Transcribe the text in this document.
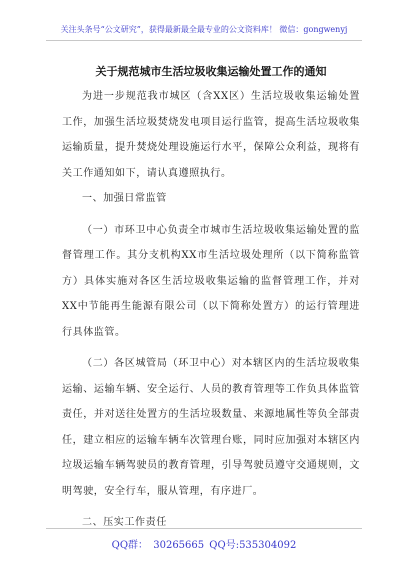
关注头条号“公文研究”，获得最新最全最专业的公文资料库！ 微信：gongwenyj

关于规范城市生活垃圾收集运输处置工作的通知

为进一步规范我市城区（含XX区）生活垃圾收集运输处置工作，加强生活垃圾焚烧发电项目运行监管，提高生活垃圾收集运输质量，提升焚烧处理设施运行水平，保障公众利益，现将有关工作通知如下，请认真遵照执行。

一、加强日常监管

（一）市环卫中心负责全市城市生活垃圾收集运输处置的监督管理工作。其分支机构XX市生活垃圾处理所（以下简称监管方）具体实施对各区生活垃圾收集运输的监督管理工作，并对XX中节能再生能源有限公司（以下简称处置方）的运行管理进行具体监管。

（二）各区城管局（环卫中心）对本辖区内的生活垃圾收集运输、运输车辆、安全运行、人员的教育管理等工作负具体监管责任，并对送往处置方的生活垃圾数量、来源地属性等负全部责任，建立相应的运输车辆车次管理台账，同时应加强对本辖区内垃圾运输车辆驾驶员的教育管理，引导驾驶员遵守交通规则，文明驾驶，安全行车，服从管理，有序进厂。

二、压实工作责任

QQ群： 30265665 QQ号:535304092
